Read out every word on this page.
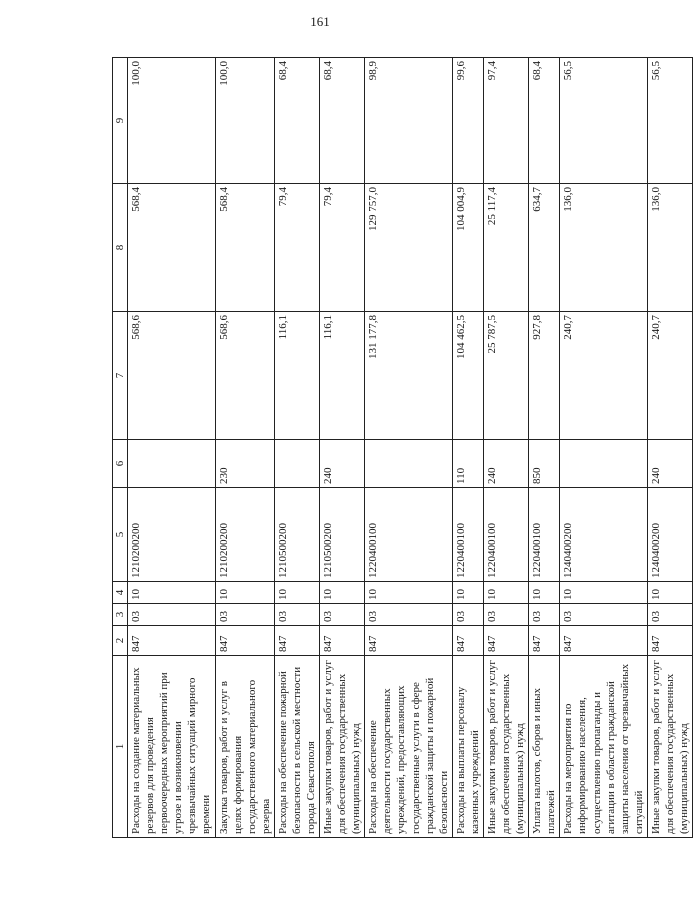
161
1	2	3	4	5	6	7	8	9
Расходы на создание материальных резервов для проведения первоочередных мероприятий при угрозе и возникновении чрезвычайных ситуаций мирного времени	847	03	10	1210200200		568,6	568,4	100,0
Закупка товаров, работ и услуг в целях формирования государственного материального резерва	847	03	10	1210200200	230	568,6	568,4	100,0
Расходы на обеспечение пожарной безопасности в сельской местности города Севастополя	847	03	10	1210500200		116,1	79,4	68,4
Иные закупки товаров, работ и услуг для обеспечения государственных (муниципальных) нужд	847	03	10	1210500200	240	116,1	79,4	68,4
Расходы на обеспечение деятельности государственных учреждений, предоставляющих государственные услуги в сфере гражданской защиты и пожарной безопасности	847	03	10	1220400100		131 177,8	129 757,0	98,9
Расходы на выплаты персоналу казенных учреждений	847	03	10	1220400100	110	104 462,5	104 004,9	99,6
Иные закупки товаров, работ и услуг для обеспечения государственных (муниципальных) нужд	847	03	10	1220400100	240	25 787,5	25 117,4	97,4
Уплата налогов, сборов и иных платежей	847	03	10	1220400100	850	927,8	634,7	68,4
Расходы на мероприятия по информированию населения, осуществлению пропаганды и агитации в области гражданской защиты населения от чрезвычайных ситуаций	847	03	10	1240400200		240,7	136,0	56,5
Иные закупки товаров, работ и услуг для обеспечения государственных (муниципальных) нужд	847	03	10	1240400200	240	240,7	136,0	56,5
